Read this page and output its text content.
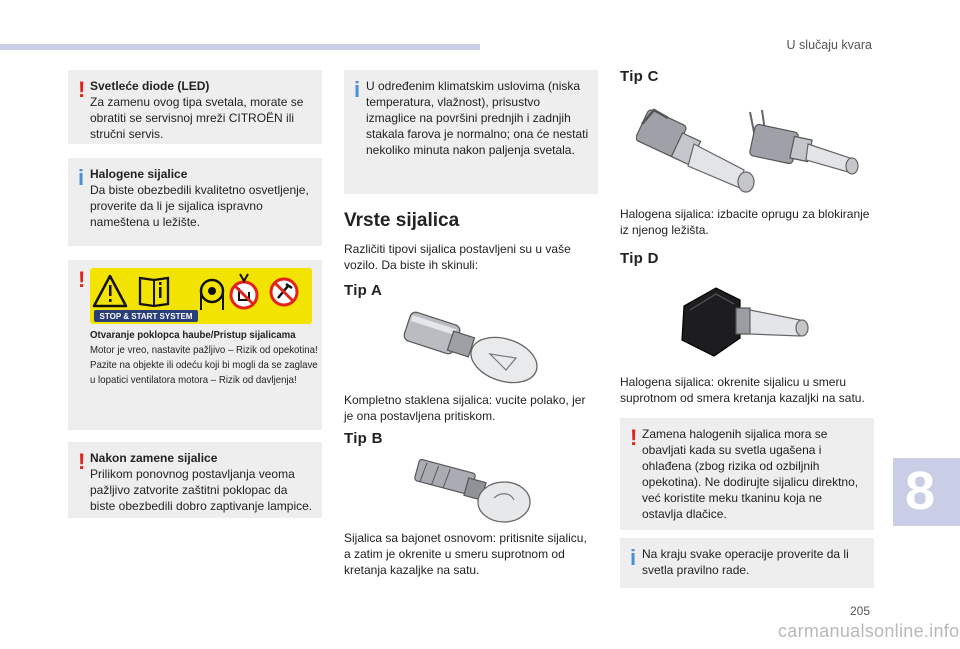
U slučaju kvara
! Svetleće diode (LED)
Za zamenu ovog tipa svetala, morate se obratiti se servisnoj mreži CITROËN ili stručni servis.
i Halogene sijalice
Da biste obezbedili kvalitetno osvetljenje, proverite da li je sijalica ispravno nameštena u ležište.
!
STOP & START SYSTEM
Otvaranje poklopca haube/Pristup sijalicama
Motor je vreo, nastavite pažljivo – Rizik od opekotina!
Pazite na objekte ili odeću koji bi mogli da se zaglave u lopatici ventilatora motora – Rizik od davljenja!
! Nakon zamene sijalice
Prilikom ponovnog postavljanja veoma pažljivo zatvorite zaštitni poklopac da biste obezbedili dobro zaptivanje lampice.
i U određenim klimatskim uslovima (niska temperatura, vlažnost), prisustvo izmaglice na površini prednjih i zadnjih stakala farova je normalno; ona će nestati nekoliko minuta nakon paljenja svetala.
Vrste sijalica
Različiti tipovi sijalica postavljeni su u vaše vozilo. Da biste ih skinuli:
Tip A
Kompletno staklena sijalica: vucite polako, jer je ona postavljena pritiskom.
Tip B
Sijalica sa bajonet osnovom: pritisnite sijalicu, a zatim je okrenite u smeru suprotnom od kretanja kazaljke na satu.
Tip C
Halogena sijalica: izbacite oprugu za blokiranje iz njenog ležišta.
Tip D
Halogena sijalica: okrenite sijalicu u smeru suprotnom od smera kretanja kazaljki na satu.
! Zamena halogenih sijalica mora se obavljati kada su svetla ugašena i ohlađena (zbog rizika od ozbiljnih opekotina). Ne dodirujte sijalicu direktno, već koristite meku tkaninu koja ne ostavlja dlačice.
i Na kraju svake operacije proverite da li svetla pravilno rade.
8
205
carmanualsonline.info
